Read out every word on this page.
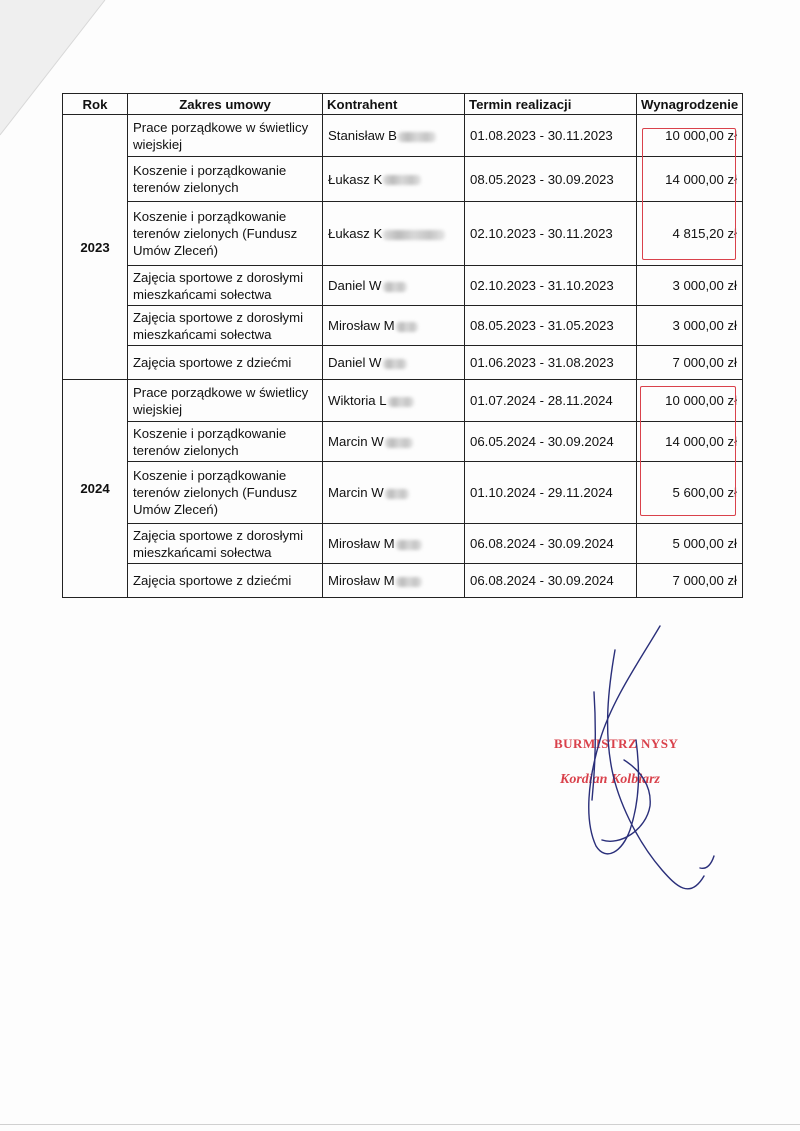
Rok	Zakres umowy	Kontrahent	Termin realizacji	Wynagrodzenie
2023	Prace porządkowe w świetlicy wiejskiej	Stanisław B	01.08.2023 - 30.11.2023	10 000,00 zł
	Koszenie i porządkowanie terenów zielonych	Łukasz K	08.05.2023 - 30.09.2023	14 000,00 zł
	Koszenie i porządkowanie terenów zielonych (Fundusz Umów Zleceń)	Łukasz K	02.10.2023 - 30.11.2023	4 815,20 zł
	Zajęcia sportowe z dorosłymi mieszkańcami sołectwa	Daniel W	02.10.2023 - 31.10.2023	3 000,00 zł
	Zajęcia sportowe z dorosłymi mieszkańcami sołectwa	Mirosław M	08.05.2023 - 31.05.2023	3 000,00 zł
	Zajęcia sportowe z dziećmi	Daniel W	01.06.2023 - 31.08.2023	7 000,00 zł
2024	Prace porządkowe w świetlicy wiejskiej	Wiktoria L	01.07.2024 - 28.11.2024	10 000,00 zł
	Koszenie i porządkowanie terenów zielonych	Marcin W	06.05.2024 - 30.09.2024	14 000,00 zł
	Koszenie i porządkowanie terenów zielonych (Fundusz Umów Zleceń)	Marcin W	01.10.2024 - 29.11.2024	5 600,00 zł
	Zajęcia sportowe z dorosłymi mieszkańcami sołectwa	Mirosław M	06.08.2024 - 30.09.2024	5 000,00 zł
	Zajęcia sportowe z dziećmi	Mirosław M	06.08.2024 - 30.09.2024	7 000,00 zł
BURMISTRZ NYSY
Kordian Kolbiarz
